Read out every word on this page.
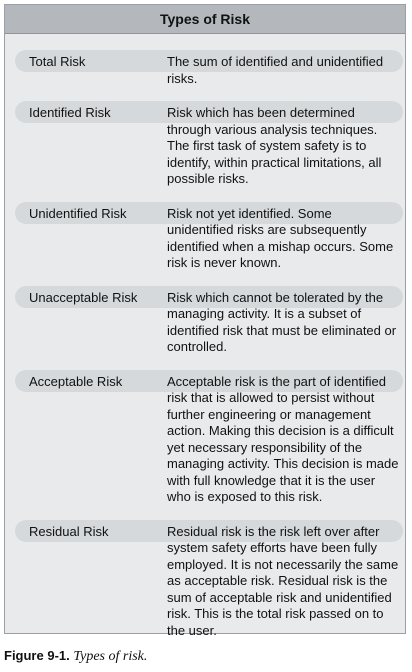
Types of Risk
Total Risk	The sum of identified and unidentified risks.
Identified Risk	Risk which has been determined through various analysis techniques. The first task of system safety is to identify, within practical limitations, all possible risks.
Unidentified Risk	Risk not yet identified. Some unidentified risks are subsequently identified when a mishap occurs. Some risk is never known.
Unacceptable Risk	Risk which cannot be tolerated by the managing activity. It is a subset of identified risk that must be eliminated or controlled.
Acceptable Risk	Acceptable risk is the part of identified risk that is allowed to persist without further engineering or management action. Making this decision is a difficult yet necessary responsibility of the managing activity. This decision is made with full knowledge that it is the user who is exposed to this risk.
Residual Risk	Residual risk is the risk left over after system safety efforts have been fully employed. It is not necessarily the same as acceptable risk. Residual risk is the sum of acceptable risk and unidentified risk. This is the total risk passed on to the user.
Figure 9-1. Types of risk.
